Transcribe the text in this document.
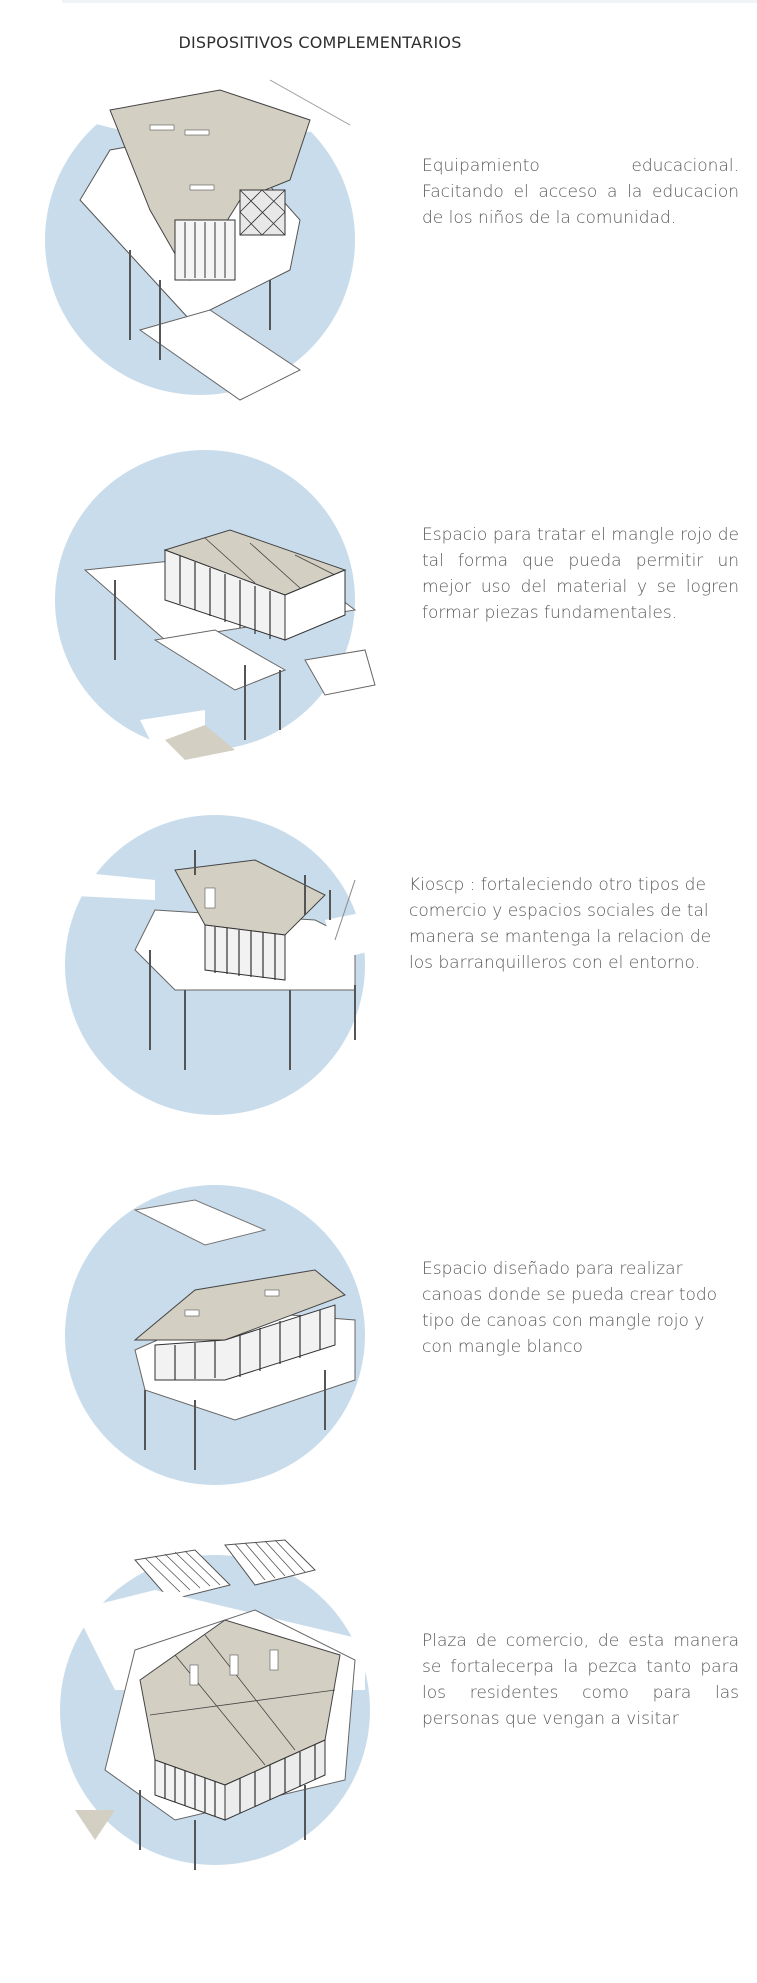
DISPOSITIVOS COMPLEMENTARIOS
Equipamiento educacional. Facitando el acceso a la educacion de los niños de la comunidad.
Espacio para tratar el mangle rojo de tal forma que pueda permitir un mejor uso del material y se logren formar piezas fundamentales.
Kioscp : fortaleciendo otro tipos de comercio y espacios sociales de tal manera se mantenga la relacion de los barranquilleros con el entorno.
Espacio diseñado para realizar canoas donde se pueda crear todo tipo de canoas con mangle rojo y con mangle blanco
Plaza de comercio, de esta manera se fortalecerpa la pezca tanto para los residentes como para las personas que vengan a visitar
